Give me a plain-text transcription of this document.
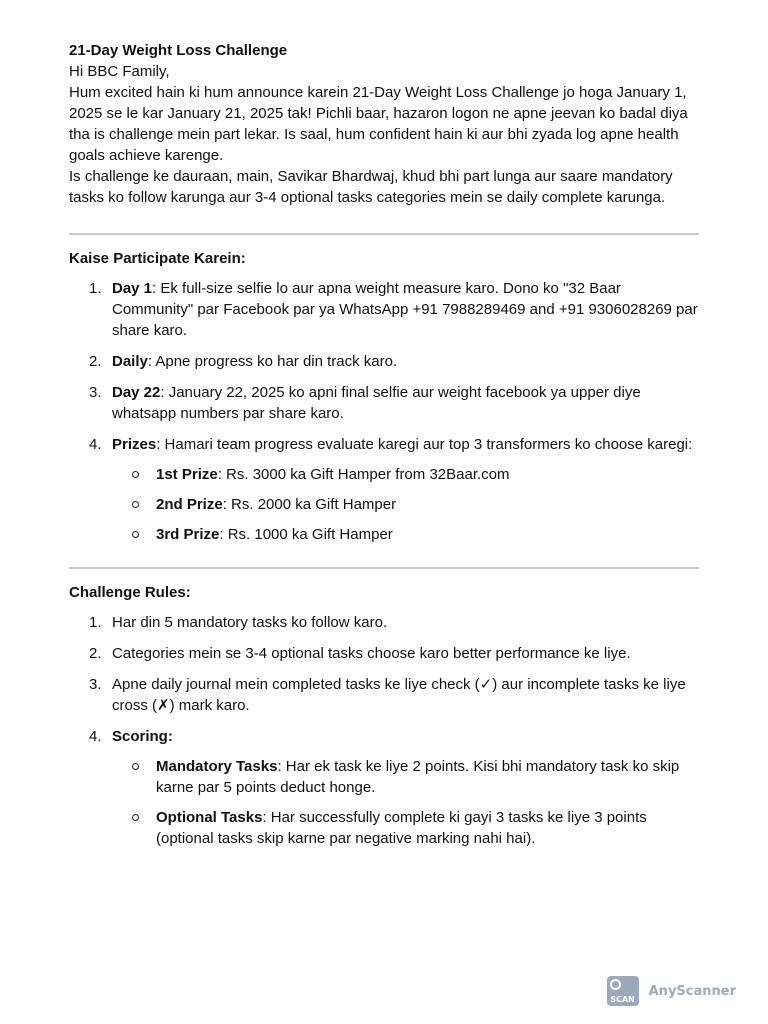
21-Day Weight Loss Challenge

Hi BBC Family,

Hum excited hain ki hum announce karein 21-Day Weight Loss Challenge jo hoga January 1, 2025 se le kar January 21, 2025 tak! Pichli baar, hazaron logon ne apne jeevan ko badal diya tha is challenge mein part lekar. Is saal, hum confident hain ki aur bhi zyada log apne health goals achieve karenge.

Is challenge ke dauraan, main, Savikar Bhardwaj, khud bhi part lunga aur saare mandatory tasks ko follow karunga aur 3-4 optional tasks categories mein se daily complete karunga.

Kaise Participate Karein:

1. Day 1: Ek full-size selfie lo aur apna weight measure karo. Dono ko "32 Baar Community" par Facebook par ya WhatsApp +91 7988289469 and +91 9306028269 par share karo.
2. Daily: Apne progress ko har din track karo.
3. Day 22: January 22, 2025 ko apni final selfie aur weight facebook ya upper diye whatsapp numbers par share karo.
4. Prizes: Hamari team progress evaluate karegi aur top 3 transformers ko choose karegi:
1st Prize: Rs. 3000 ka Gift Hamper from 32Baar.com
2nd Prize: Rs. 2000 ka Gift Hamper
3rd Prize: Rs. 1000 ka Gift Hamper

Challenge Rules:

1. Har din 5 mandatory tasks ko follow karo.
2. Categories mein se 3-4 optional tasks choose karo better performance ke liye.
3. Apne daily journal mein completed tasks ke liye check (✓) aur incomplete tasks ke liye cross (✗) mark karo.
4. Scoring:
Mandatory Tasks: Har ek task ke liye 2 points. Kisi bhi mandatory task ko skip karne par 5 points deduct honge.
Optional Tasks: Har successfully complete ki gayi 3 tasks ke liye 3 points (optional tasks skip karne par negative marking nahi hai).
SCAN
AnyScanner
